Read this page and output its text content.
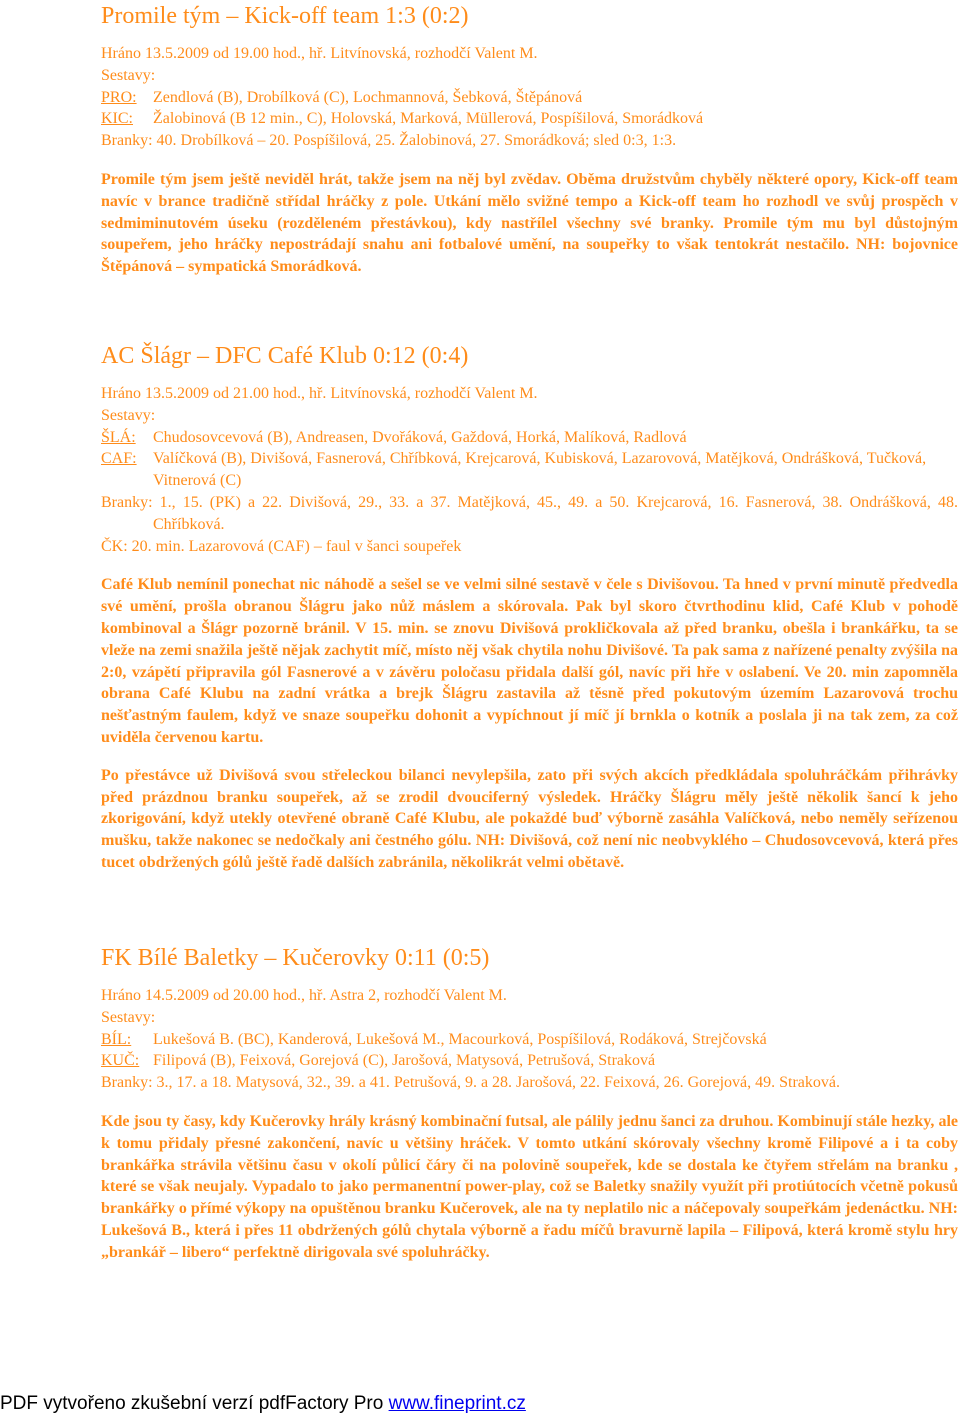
Promile tým – Kick-off team 1:3 (0:2)

Hráno 13.5.2009 od 19.00 hod., hř. Litvínovská, rozhodčí Valent M.

Sestavy:

PRO:	Zendlová (B), Drobílková (C), Lochmannová, Šebková, Štěpánová
KIC:	Žalobinová (B 12 min., C), Holovská, Marková, Müllerová, Pospíšilová, Smorádková

Branky: 40. Drobílková – 20. Pospíšilová, 25. Žalobinová, 27. Smorádková; sled 0:3, 1:3.

Promile tým jsem ještě neviděl hrát, takže jsem na něj byl zvědav. Oběma družstvům chyběly některé opory, Kick-off team navíc v brance tradičně střídal hráčky z pole. Utkání mělo svižné tempo a Kick-off team ho rozhodl ve svůj prospěch v sedmiminutovém úseku (rozděleném přestávkou), kdy nastřílel všechny své branky. Promile tým mu byl důstojným soupeřem, jeho hráčky nepostrádají snahu ani fotbalové umění, na soupeřky to však tentokrát nestačilo. NH: bojovnice Štěpánová – sympatická Smorádková.

AC Šlágr – DFC Café Klub 0:12 (0:4)

Hráno 13.5.2009 od 21.00 hod., hř. Litvínovská, rozhodčí Valent M.

Sestavy:

ŠLÁ:	Chudosovcevová (B), Andreasen, Dvořáková, Gaždová, Horká, Malíková, Radlová
CAF:	Valíčková (B), Divišová, Fasnerová, Chříbková, Krejcarová, Kubisková, Lazarovová, Matějková, Ondrášková, Tučková, Vitnerová (C)

Branky: 1., 15. (PK) a 22. Divišová, 29., 33. a 37. Matějková, 45., 49. a 50. Krejcarová, 16. Fasnerová, 38. Ondrášková, 48. Chříbková.

ČK: 20. min. Lazarovová (CAF) – faul v šanci soupeřek

Café Klub nemínil ponechat nic náhodě a sešel se ve velmi silné sestavě v čele s Divišovou. Ta hned v první minutě předvedla své umění, prošla obranou Šlágru jako nůž máslem a skórovala. Pak byl skoro čtvrthodinu klid, Café Klub v pohodě kombinoval a Šlágr pozorně bránil. V 15. min. se znovu Divišová prokličkovala až před branku, obešla i brankářku, ta se vleže na zemi snažila ještě nějak zachytit míč, místo něj však chytila nohu Divišové. Ta pak sama z nařízené penalty zvýšila na 2:0, vzápětí připravila gól Fasnerové a v závěru poločasu přidala další gól, navíc při hře v oslabení. Ve 20. min zapomněla obrana Café Klubu na zadní vrátka a brejk Šlágru zastavila až těsně před pokutovým územím Lazarovová trochu nešťastným faulem, když ve snaze soupeřku dohonit a vypíchnout jí míč jí brnkla o kotník a poslala ji na tak zem, za což uviděla červenou kartu.

Po přestávce už Divišová svou střeleckou bilanci nevylepšila, zato při svých akcích předkládala spoluhráčkám přihrávky před prázdnou branku soupeřek, až se zrodil dvouciferný výsledek. Hráčky Šlágru měly ještě několik šancí k jeho zkorigování, když utekly otevřené obraně Café Klubu, ale pokaždé buď výborně zasáhla Valíčková, nebo neměly seřízenou mušku, takže nakonec se nedočkaly ani čestného gólu. NH: Divišová, což není nic neobvyklého – Chudosovcevová, která přes tucet obdržených gólů ještě řadě dalších zabránila, několikrát velmi obětavě.

FK Bílé Baletky – Kučerovky 0:11 (0:5)

Hráno 14.5.2009 od 20.00 hod., hř. Astra 2, rozhodčí Valent M.

Sestavy:

BÍL:	Lukešová B. (BC), Kanderová, Lukešová M., Macourková, Pospíšilová, Rodáková, Strejčovská
KUČ: Filipová (B), Feixová, Gorejová (C), Jarošová, Matysová, Petrušová, Straková

Branky: 3., 17. a 18. Matysová, 32., 39. a 41. Petrušová, 9. a 28. Jarošová, 22. Feixová, 26. Gorejová, 49. Straková.

Kde jsou ty časy, kdy Kučerovky hrály krásný kombinační futsal, ale pálily jednu šanci za druhou. Kombinují stále hezky, ale k tomu přidaly přesné zakončení, navíc u většiny hráček. V tomto utkání skórovaly všechny kromě Filipové a i ta coby brankářka strávila většinu času v okolí půlicí čáry či na polovině soupeřek, kde se dostala ke čtyřem střelám na branku , které se však neujaly. Vypadalo to jako permanentní power-play, což se Baletky snažily využít při protiútocích včetně pokusů brankářky o přímé výkopy na opuštěnou branku Kučerovek, ale na ty neplatilo nic a náčepovaly soupeřkám jedenáctku. NH: Lukešová B., která i přes 11 obdržených gólů chytala výborně a řadu míčů bravurně lapila – Filipová, která kromě stylu hry „brankář – libero“ perfektně dirigovala své spoluhráčky.

PDF vytvořeno zkušební verzí pdfFactory Pro www.fineprint.cz
